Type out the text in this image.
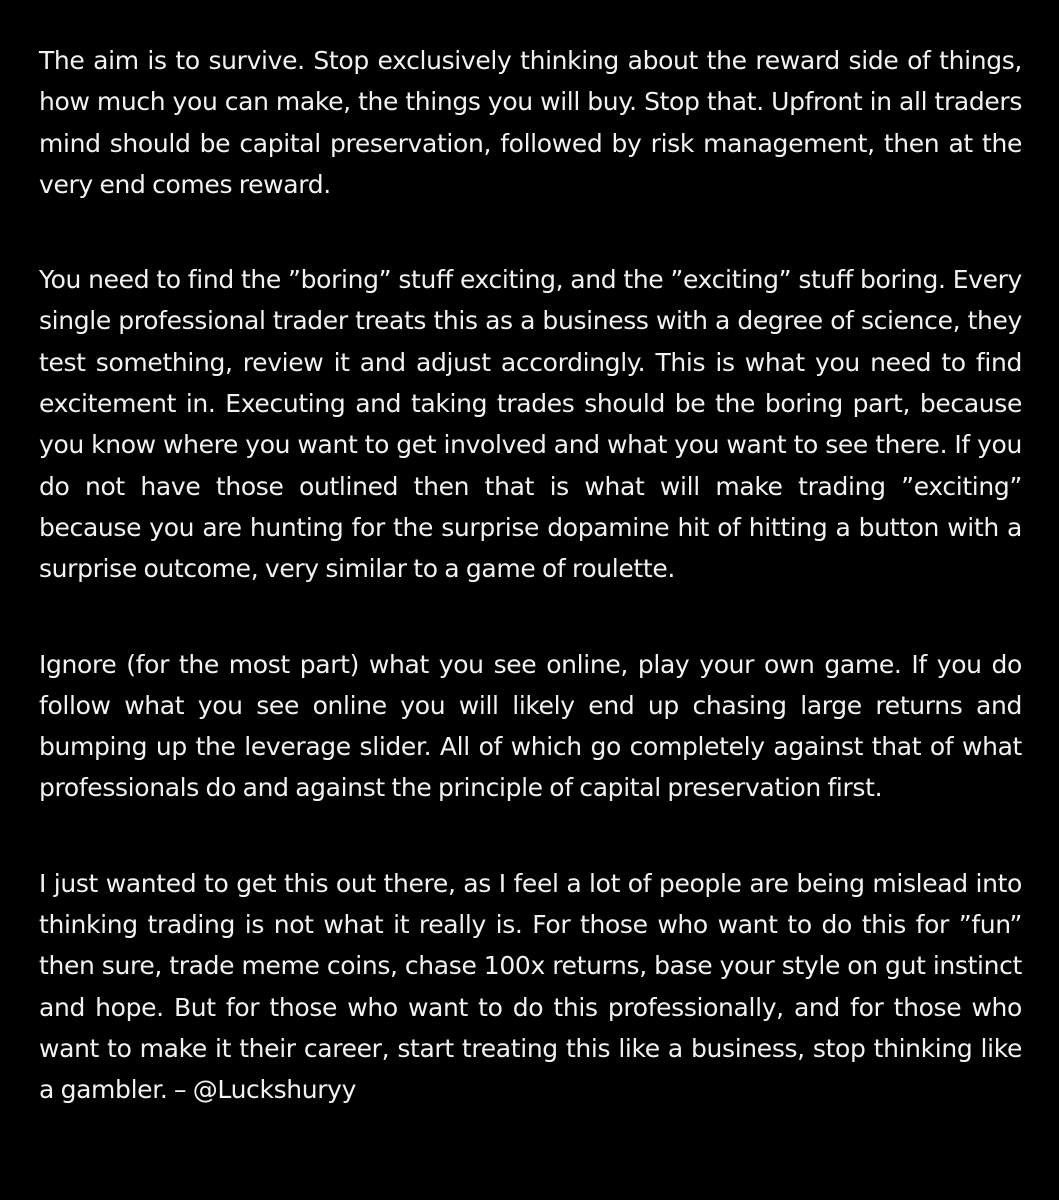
The aim is to survive. Stop exclusively thinking about the reward side of things, how much you can make, the things you will buy. Stop that. Upfront in all traders mind should be capital preservation, followed by risk management, then at the very end comes reward.

You need to find the ”boring” stuff exciting, and the ”exciting” stuff boring. Every single professional trader treats this as a business with a degree of science, they test something, review it and adjust accordingly. This is what you need to find excitement in. Executing and taking trades should be the boring part, because you know where you want to get involved and what you want to see there. If you do not have those outlined then that is what will make trading ”exciting” because you are hunting for the surprise dopamine hit of hitting a button with a surprise outcome, very similar to a game of roulette.

Ignore (for the most part) what you see online, play your own game. If you do follow what you see online you will likely end up chasing large returns and bumping up the leverage slider. All of which go completely against that of what professionals do and against the principle of capital preservation first.

I just wanted to get this out there, as I feel a lot of people are being mislead into thinking trading is not what it really is. For those who want to do this for ”fun” then sure, trade meme coins, chase 100x returns, base your style on gut instinct and hope. But for those who want to do this professionally, and for those who want to make it their career, start treating this like a business, stop thinking like a gambler. – @Luckshuryy
